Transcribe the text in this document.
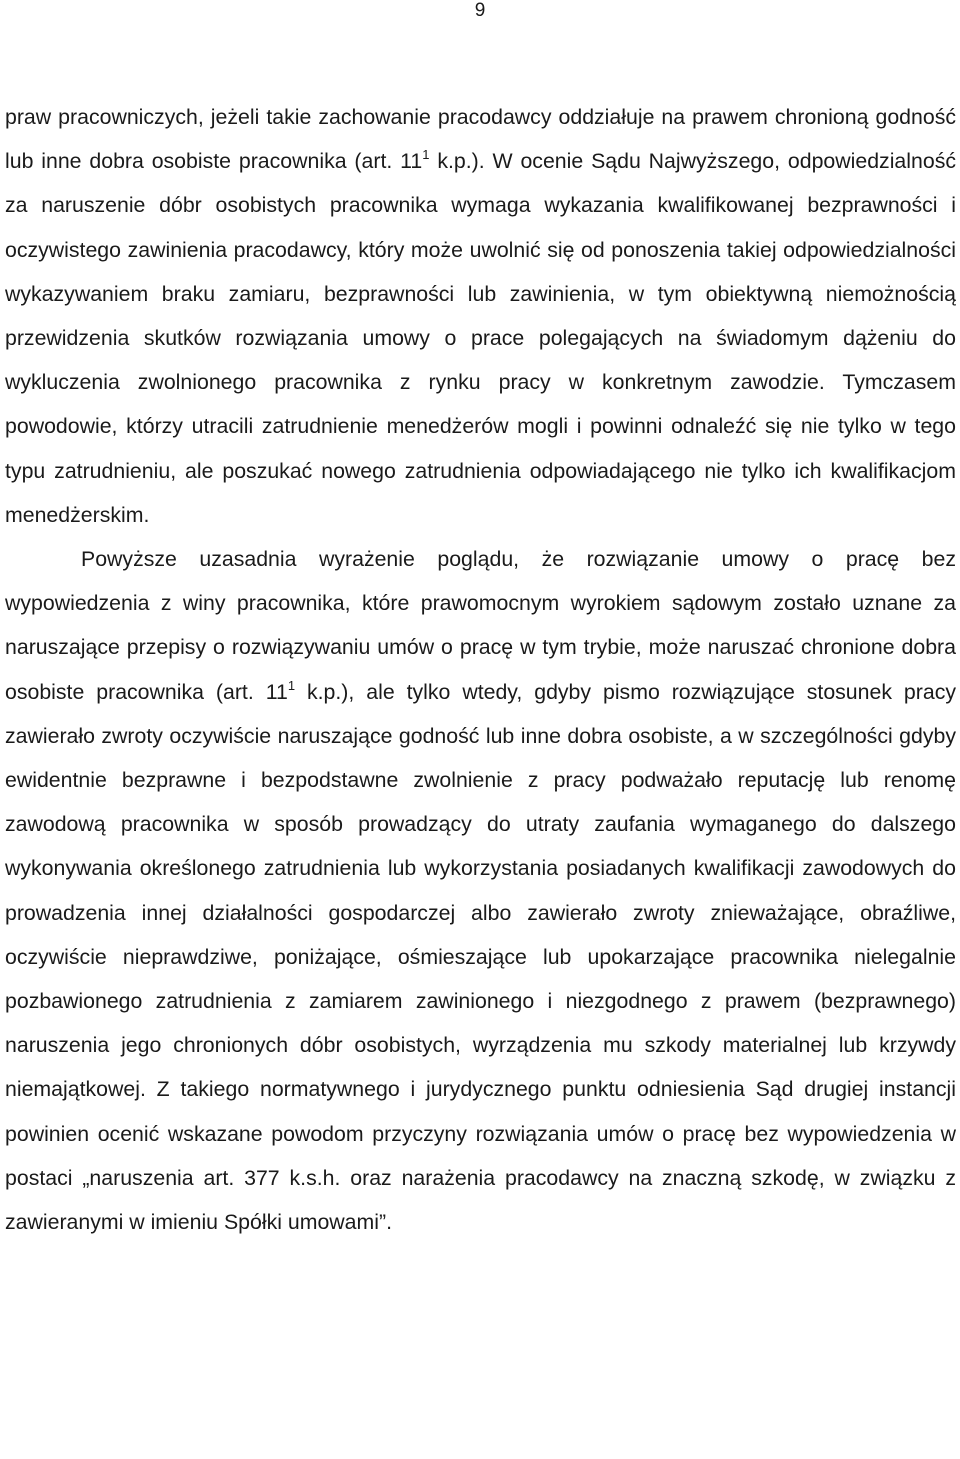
9

praw pracowniczych, jeżeli takie zachowanie pracodawcy oddziałuje na prawem chronioną godność lub inne dobra osobiste pracownika (art. $11^1$ k.p.). W ocenie Sądu Najwyższego, odpowiedzialność za naruszenie dóbr osobistych pracownika wymaga wykazania kwalifikowanej bezprawności i oczywistego zawinienia pracodawcy, który może uwolnić się od ponoszenia takiej odpowiedzialności wykazywaniem braku zamiaru, bezprawności lub zawinienia, w tym obiektywną niemożnością przewidzenia skutków rozwiązania umowy o prace polegających na świadomym dążeniu do wykluczenia zwolnionego pracownika z rynku pracy w konkretnym zawodzie. Tymczasem powodowie, którzy utracili zatrudnienie menedżerów mogli i powinni odnaleźć się nie tylko w tego typu zatrudnieniu, ale poszukać nowego zatrudnienia odpowiadającego nie tylko ich kwalifikacjom menedżerskim.

Powyższe uzasadnia wyrażenie poglądu, że rozwiązanie umowy o pracę bez wypowiedzenia z winy pracownika, które prawomocnym wyrokiem sądowym zostało uznane za naruszające przepisy o rozwiązywaniu umów o pracę w tym trybie, może naruszać chronione dobra osobiste pracownika (art. $11^1$ k.p.), ale tylko wtedy, gdyby pismo rozwiązujące stosunek pracy zawierało zwroty oczywiście naruszające godność lub inne dobra osobiste, a w szczególności gdyby ewidentnie bezprawne i bezpodstawne zwolnienie z pracy podważało reputację lub renomę zawodową pracownika w sposób prowadzący do utraty zaufania wymaganego do dalszego wykonywania określonego zatrudnienia lub wykorzystania posiadanych kwalifikacji zawodowych do prowadzenia innej działalności gospodarczej albo zawierało zwroty znieważające, obraźliwe, oczywiście nieprawdziwe, poniżające, ośmieszające lub upokarzające pracownika nielegalnie pozbawionego zatrudnienia z zamiarem zawinionego i niezgodnego z prawem (bezprawnego) naruszenia jego chronionych dóbr osobistych, wyrządzenia mu szkody materialnej lub krzywdy niemajątkowej. Z takiego normatywnego i jurydycznego punktu odniesienia Sąd drugiej instancji powinien ocenić wskazane powodom przyczyny rozwiązania umów o pracę bez wypowiedzenia w postaci „naruszenia art. 377 k.s.h. oraz narażenia pracodawcy na znaczną szkodę, w związku z zawieranymi w imieniu Spółki umowami”.
